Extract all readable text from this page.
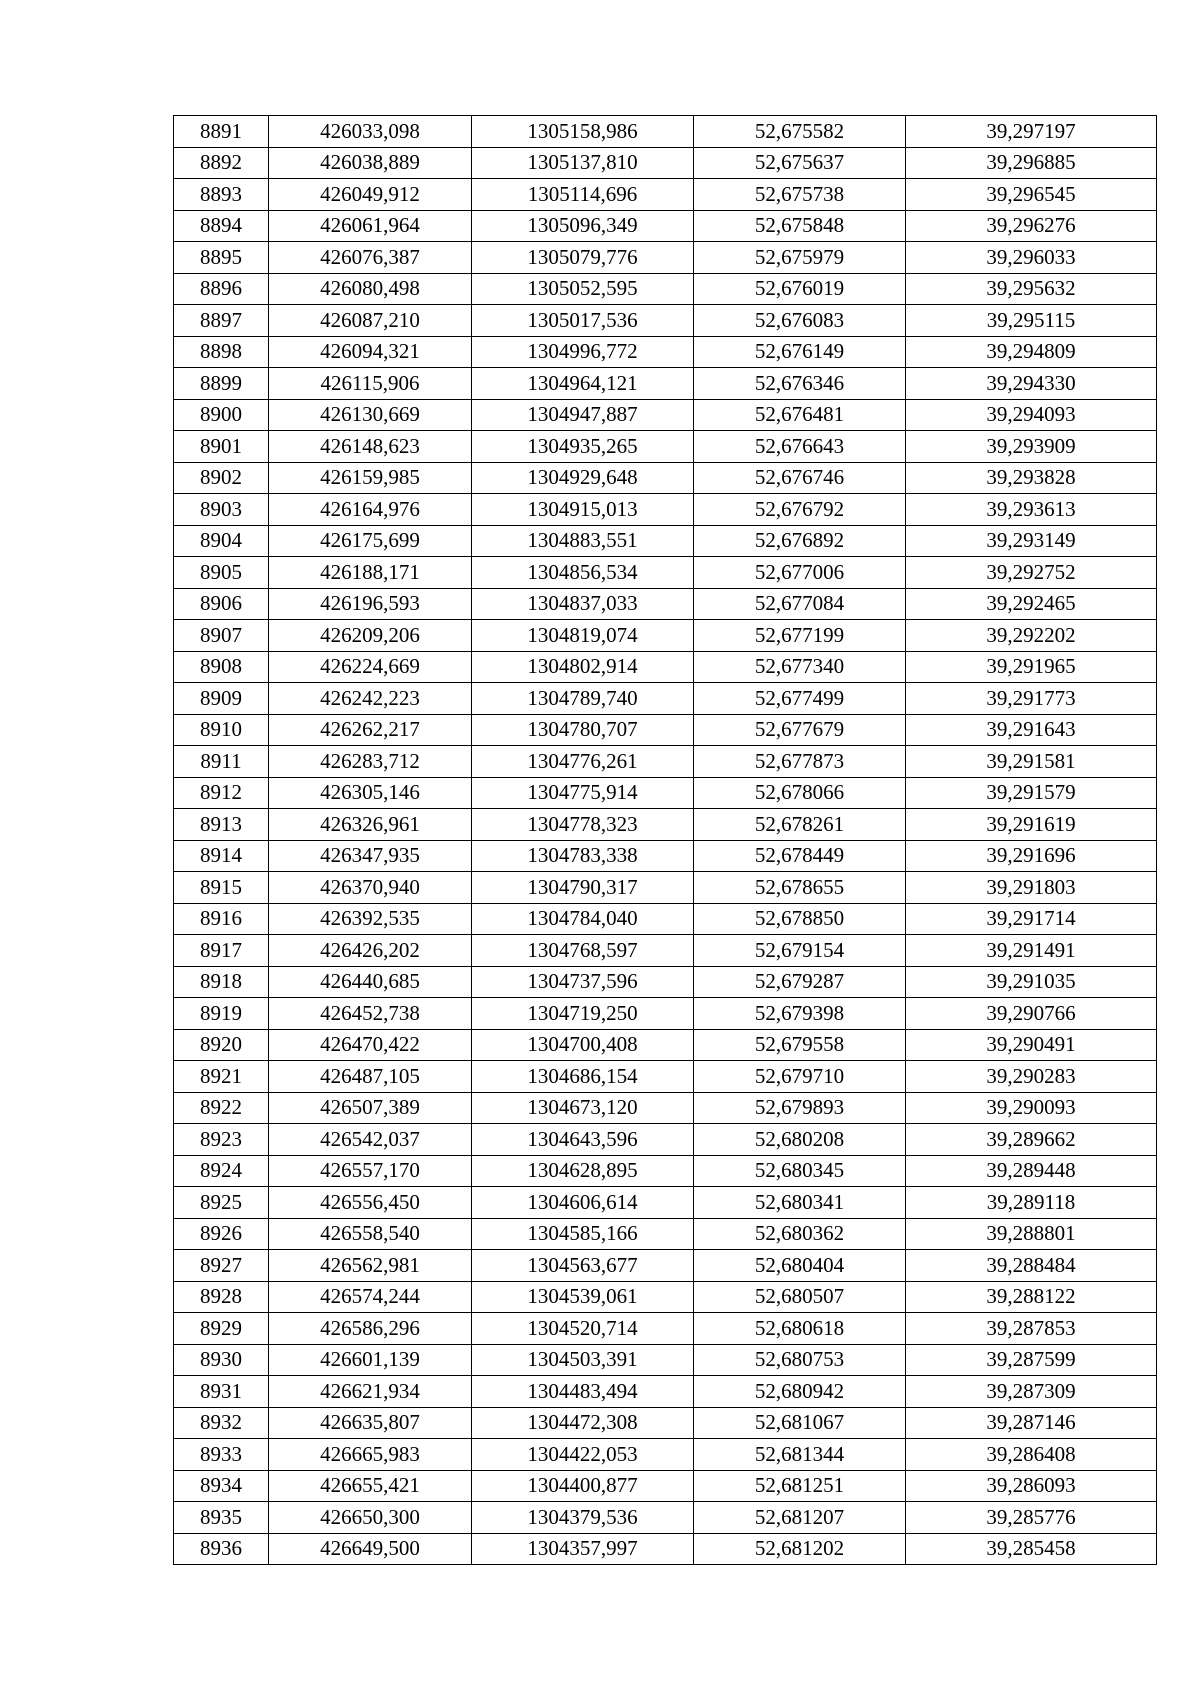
8891	426033,098	1305158,986	52,675582	39,297197
8892	426038,889	1305137,810	52,675637	39,296885
8893	426049,912	1305114,696	52,675738	39,296545
8894	426061,964	1305096,349	52,675848	39,296276
8895	426076,387	1305079,776	52,675979	39,296033
8896	426080,498	1305052,595	52,676019	39,295632
8897	426087,210	1305017,536	52,676083	39,295115
8898	426094,321	1304996,772	52,676149	39,294809
8899	426115,906	1304964,121	52,676346	39,294330
8900	426130,669	1304947,887	52,676481	39,294093
8901	426148,623	1304935,265	52,676643	39,293909
8902	426159,985	1304929,648	52,676746	39,293828
8903	426164,976	1304915,013	52,676792	39,293613
8904	426175,699	1304883,551	52,676892	39,293149
8905	426188,171	1304856,534	52,677006	39,292752
8906	426196,593	1304837,033	52,677084	39,292465
8907	426209,206	1304819,074	52,677199	39,292202
8908	426224,669	1304802,914	52,677340	39,291965
8909	426242,223	1304789,740	52,677499	39,291773
8910	426262,217	1304780,707	52,677679	39,291643
8911	426283,712	1304776,261	52,677873	39,291581
8912	426305,146	1304775,914	52,678066	39,291579
8913	426326,961	1304778,323	52,678261	39,291619
8914	426347,935	1304783,338	52,678449	39,291696
8915	426370,940	1304790,317	52,678655	39,291803
8916	426392,535	1304784,040	52,678850	39,291714
8917	426426,202	1304768,597	52,679154	39,291491
8918	426440,685	1304737,596	52,679287	39,291035
8919	426452,738	1304719,250	52,679398	39,290766
8920	426470,422	1304700,408	52,679558	39,290491
8921	426487,105	1304686,154	52,679710	39,290283
8922	426507,389	1304673,120	52,679893	39,290093
8923	426542,037	1304643,596	52,680208	39,289662
8924	426557,170	1304628,895	52,680345	39,289448
8925	426556,450	1304606,614	52,680341	39,289118
8926	426558,540	1304585,166	52,680362	39,288801
8927	426562,981	1304563,677	52,680404	39,288484
8928	426574,244	1304539,061	52,680507	39,288122
8929	426586,296	1304520,714	52,680618	39,287853
8930	426601,139	1304503,391	52,680753	39,287599
8931	426621,934	1304483,494	52,680942	39,287309
8932	426635,807	1304472,308	52,681067	39,287146
8933	426665,983	1304422,053	52,681344	39,286408
8934	426655,421	1304400,877	52,681251	39,286093
8935	426650,300	1304379,536	52,681207	39,285776
8936	426649,500	1304357,997	52,681202	39,285458
